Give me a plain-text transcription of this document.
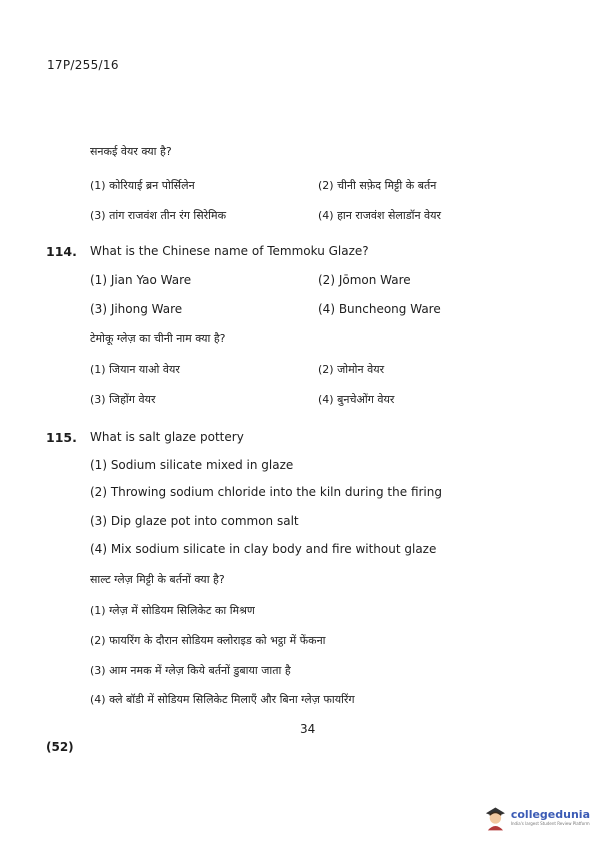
17P/255/16
सनकई वेयर क्या है?
(1) कोरियाई ब्रन पोर्सिलेन	(2) चीनी सफ़ेद मिट्टी के बर्तन
(3) तांग राजवंश तीन रंग सिरेमिक	(4) हान राजवंश सेलाडॉन वेयर
114. What is the Chinese name of Temmoku Glaze?
(1) Jian Yao Ware	(2) Jōmon Ware
(3) Jihong Ware	(4) Buncheong Ware
टेमोकू ग्लेज़ का चीनी नाम क्या है?
(1) जियान याओ वेयर	(2) जोमोन वेयर
(3) जिहोंग वेयर	(4) बुनचेओंग वेयर
115. What is salt glaze pottery
(1) Sodium silicate mixed in glaze
(2) Throwing sodium chloride into the kiln during the firing
(3) Dip glaze pot into common salt
(4) Mix sodium silicate in clay body and fire without glaze
साल्ट ग्लेज़ मिट्टी के बर्तनों क्या है?
(1) ग्लेज़ में सोडियम सिलिकेट का मिश्रण
(2) फायरिंग के दौरान सोडियम क्लोराइड को भट्ठा में फेंकना
(3) आम नमक में ग्लेज़ किये बर्तनों डुबाया जाता है
(4) क्ले बॉडी में सोडियम सिलिकेट मिलाएँ और बिना ग्लेज़ फायरिंग
34
(52)
collegedunia
India's largest Student Review Platform
